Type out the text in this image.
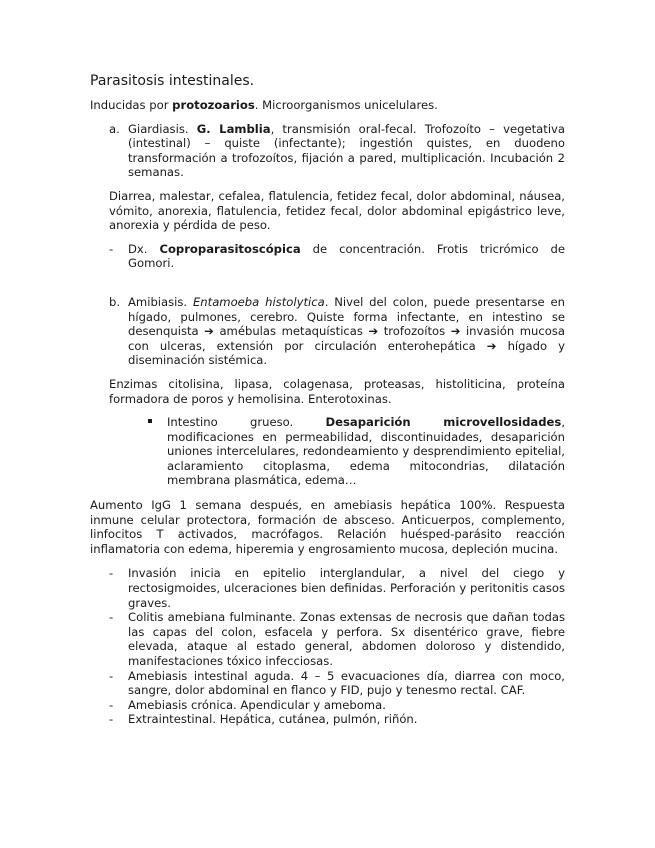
Parasitosis intestinales.

Inducidas por protozoarios. Microorganismos unicelulares.

a. Giardiasis. G. Lamblia, transmisión oral-fecal. Trofozoíto – vegetativa (intestinal) – quiste (infectante); ingestión quistes, en duodeno transformación a trofozoítos, fijación a pared, multiplicación. Incubación 2 semanas.

Diarrea, malestar, cefalea, flatulencia, fetidez fecal, dolor abdominal, náusea, vómito, anorexia, flatulencia, fetidez fecal, dolor abdominal epigástrico leve, anorexia y pérdida de peso.

-	Dx. Coproparasitoscópica de concentración. Frotis tricrómico de Gomori.
b. Amibiasis. Entamoeba histolytica. Nivel del colon, puede presentarse en hígado, pulmones, cerebro. Quiste forma infectante, en intestino se desenquista ➔ amébulas metaquísticas ➔ trofozoítos ➔ invasión mucosa con ulceras, extensión por circulación enterohepática ➔ hígado y diseminación sistémica.

Enzimas citolisina, lipasa, colagenasa, proteasas, histoliticina, proteína formadora de poros y hemolisina. Enterotoxinas.

Intestino grueso. Desaparición microvellosidades, modificaciones en permeabilidad, discontinuidades, desaparición uniones intercelulares, redondeamiento y desprendimiento epitelial, aclaramiento citoplasma, edema mitocondrias, dilatación membrana plasmática, edema…

Aumento IgG 1 semana después, en amebiasis hepática 100%. Respuesta inmune celular protectora, formación de absceso. Anticuerpos, complemento, linfocitos T activados, macrófagos. Relación huésped-parásito reacción inflamatoria con edema, hiperemia y engrosamiento mucosa, depleción mucina.

-	Invasión inicia en epitelio interglandular, a nivel del ciego y rectosigmoides, ulceraciones bien definidas. Perforación y peritonitis casos graves.
-	Colitis amebiana fulminante. Zonas extensas de necrosis que dañan todas las capas del colon, esfacela y perfora. Sx disentérico grave, fiebre elevada, ataque al estado general, abdomen doloroso y distendido, manifestaciones tóxico infecciosas.
-	Amebiasis intestinal aguda. 4 – 5 evacuaciones día, diarrea con moco, sangre, dolor abdominal en flanco y FID, pujo y tenesmo rectal. CAF.
-	Amebiasis crónica. Apendicular y ameboma.
-	Extraintestinal. Hepática, cutánea, pulmón, riñón.
